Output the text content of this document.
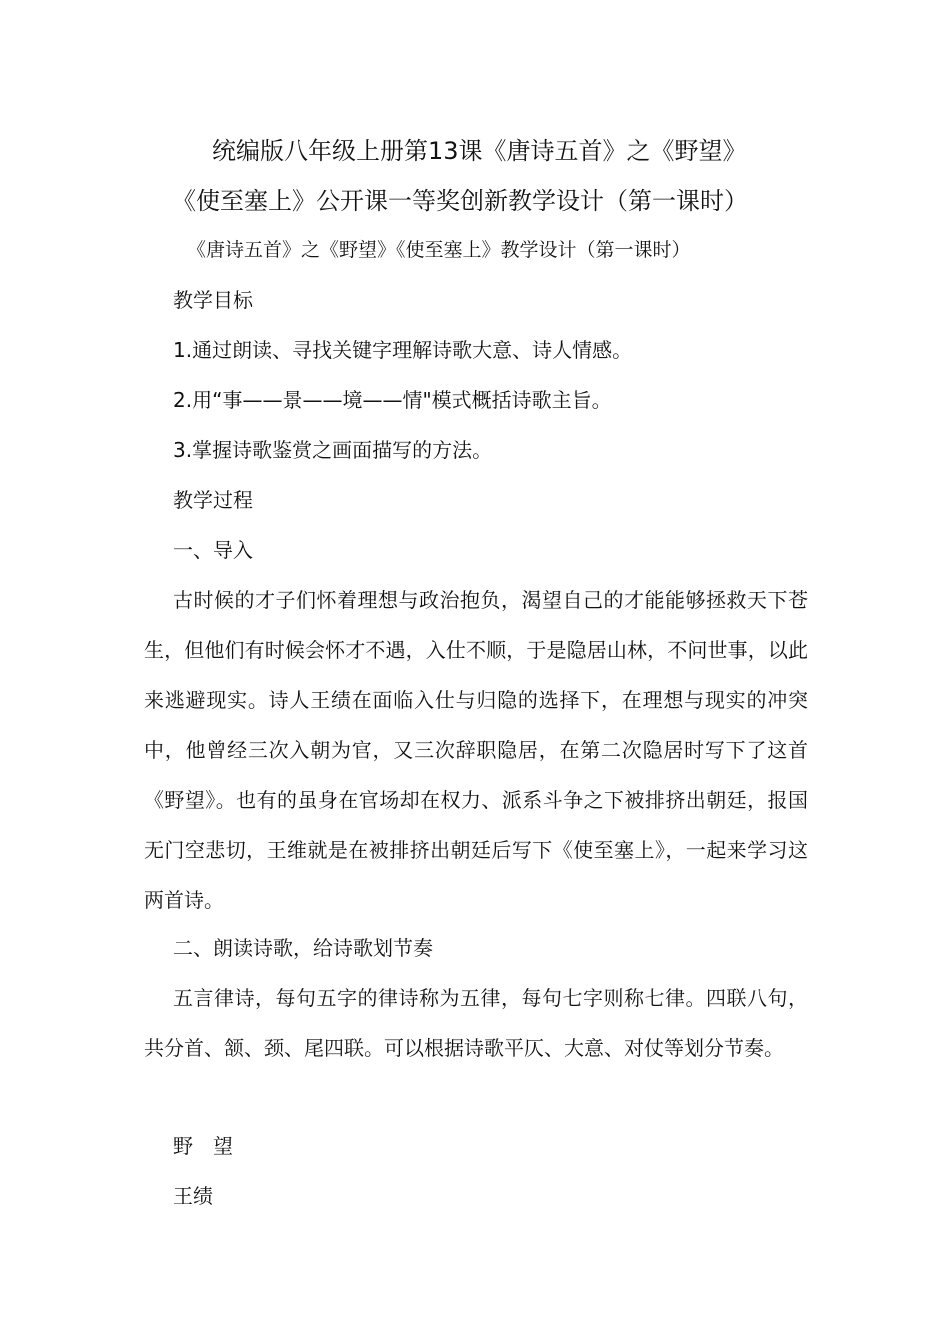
统编版八年级上册第13课《唐诗五首》之《野望》
《使至塞上》公开课一等奖创新教学设计（第一课时）
《唐诗五首》之《野望》《使至塞上》教学设计（第一课时）
教学目标
1.通过朗读、寻找关键字理解诗歌大意、诗人情感。
2.用“事——景——境——情"模式概括诗歌主旨。
3.掌握诗歌鉴赏之画面描写的方法。
教学过程
一、导入

古时候的才子们怀着理想与政治抱负，渴望自己的才能能够拯救天下苍生，但他们有时候会怀才不遇，入仕不顺，于是隐居山林，不问世事，以此来逃避现实。诗人王绩在面临入仕与归隐的选择下，在理想与现实的冲突中，他曾经三次入朝为官，又三次辞职隐居，在第二次隐居时写下了这首《野望》。也有的虽身在官场却在权力、派系斗争之下被排挤出朝廷，报国无门空悲切，王维就是在被排挤出朝廷后写下《使至塞上》，一起来学习这两首诗。

二、朗读诗歌，给诗歌划节奏

五言律诗，每句五字的律诗称为五律，每句七字则称七律。四联八句，共分首、颔、颈、尾四联。可以根据诗歌平仄、大意、对仗等划分节奏。

野　望
王绩
